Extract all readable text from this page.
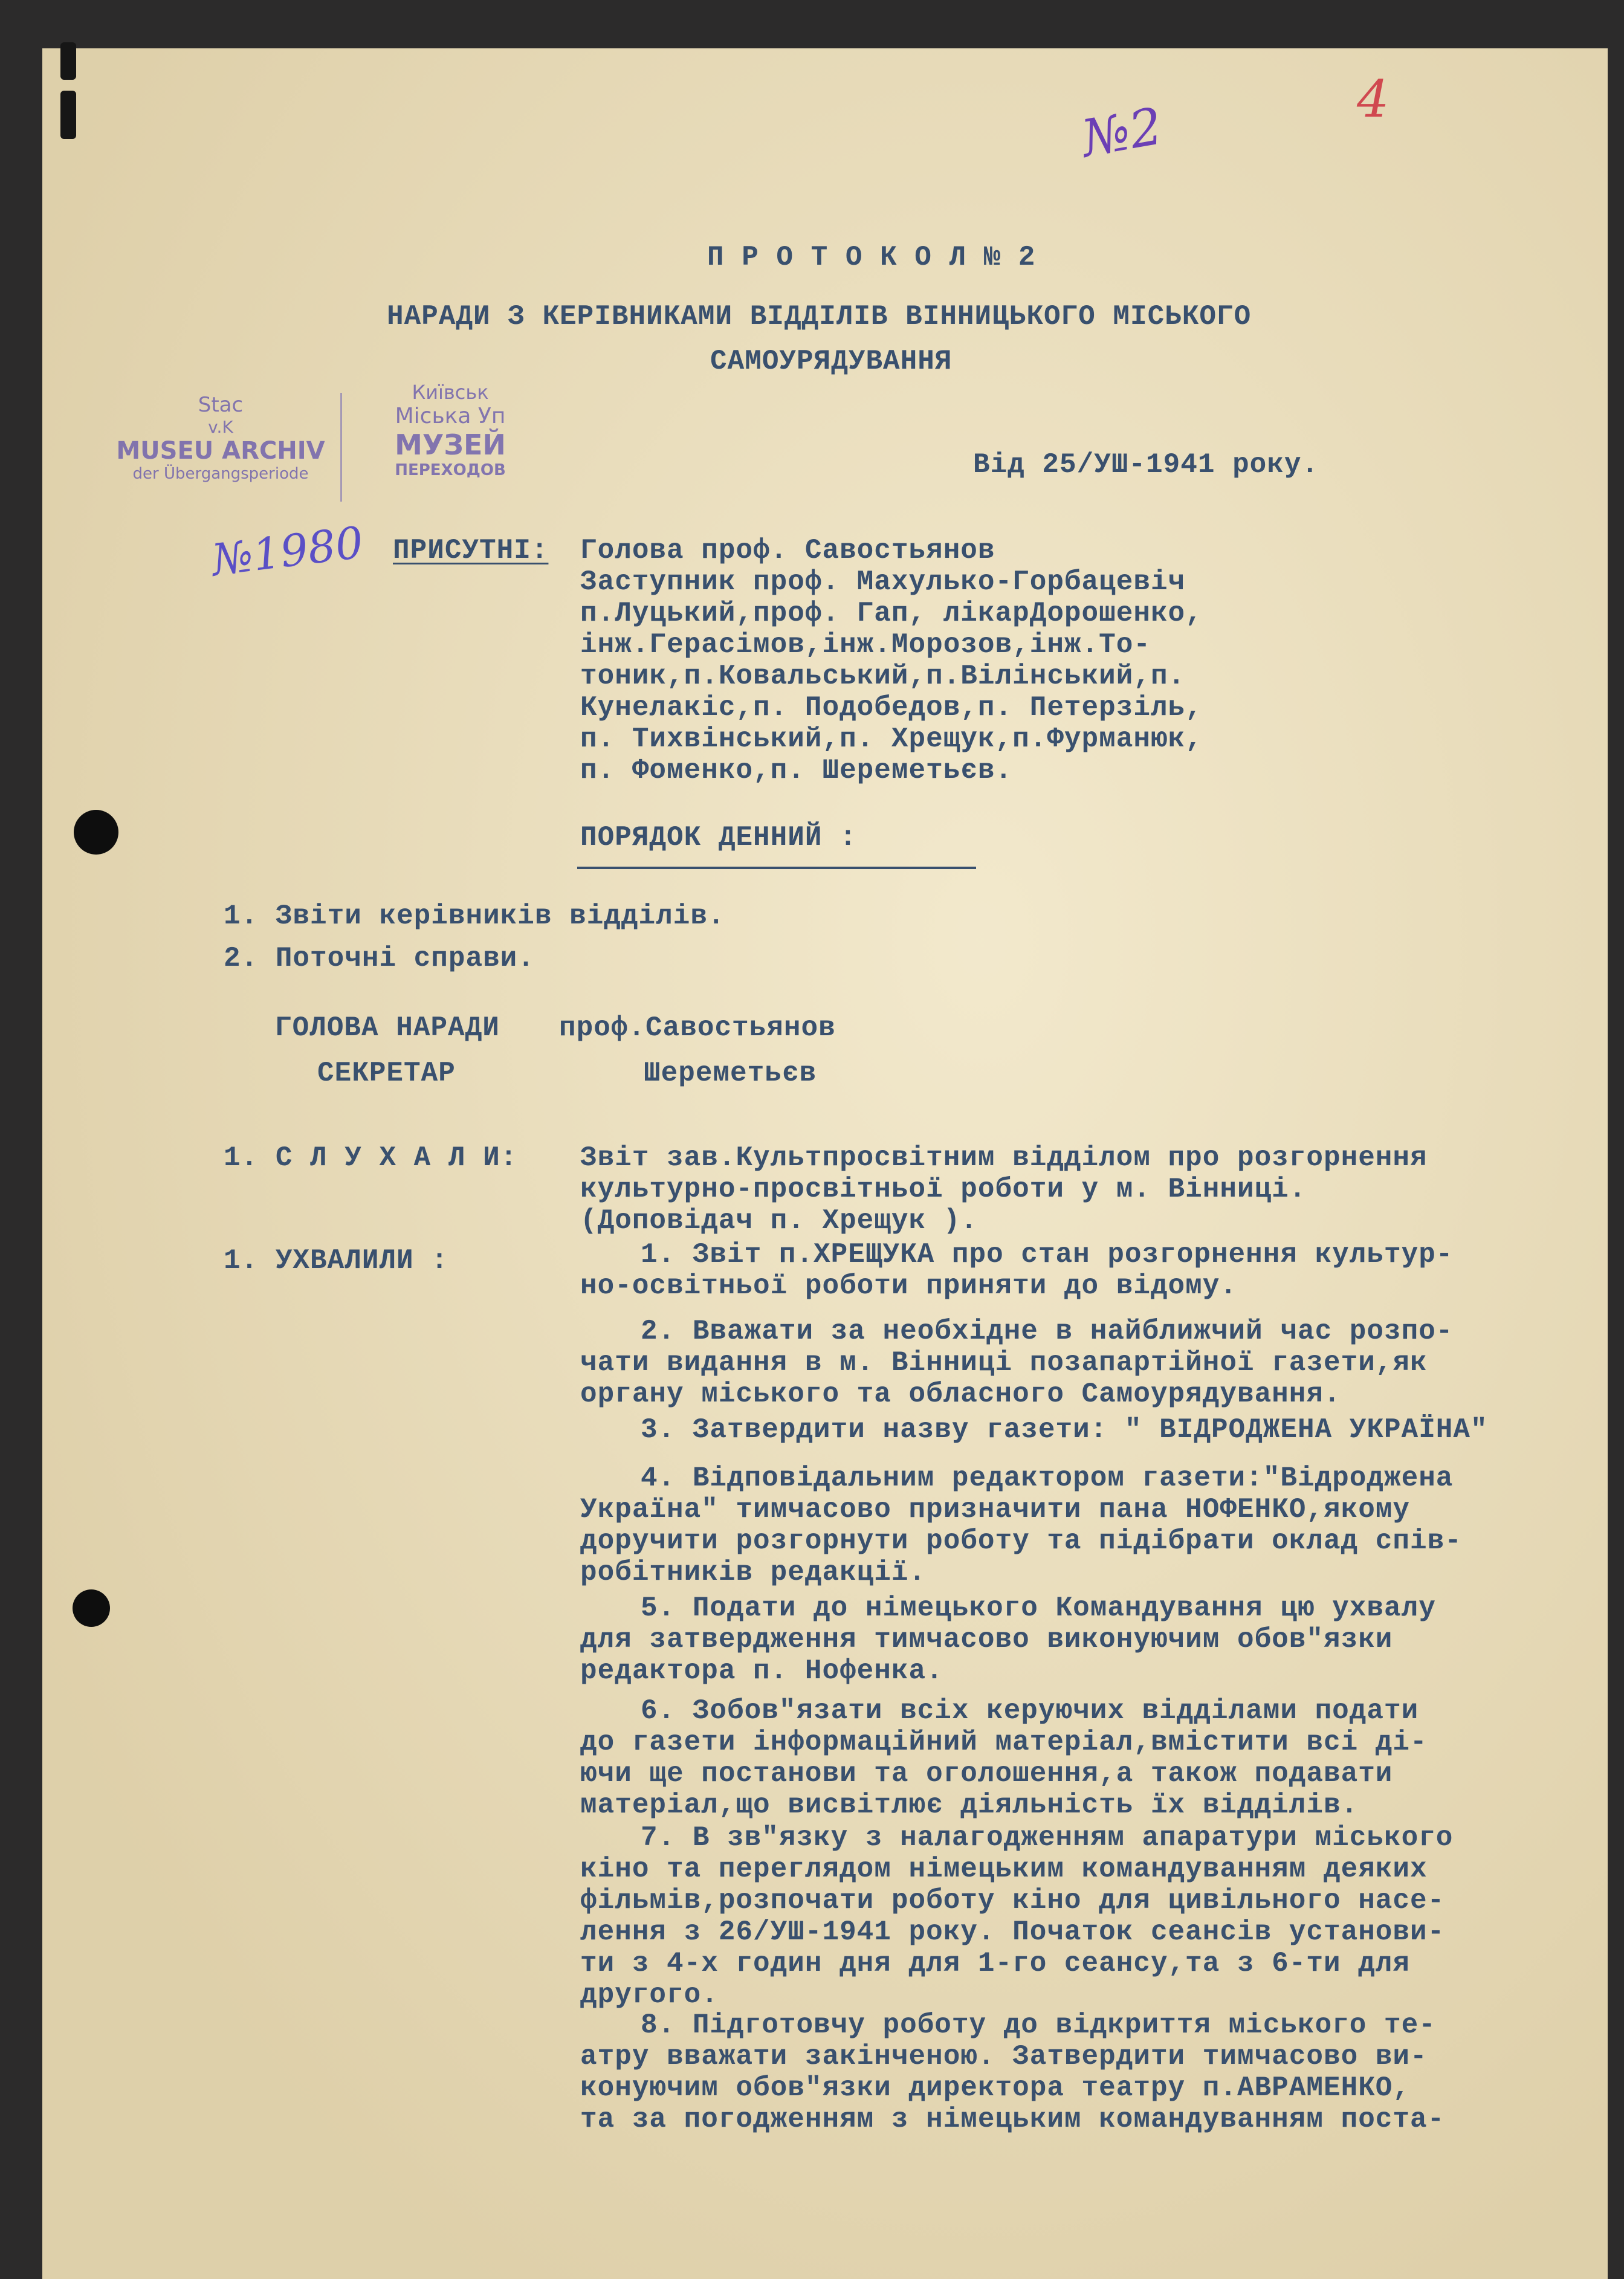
4
№2
№1980
Stac
v.K
MUSEU ARCHIV
der Übergangsperiode
Київськ
Міська Уп
МУЗЕЙ
ПЕРЕХОДОВ
П Р О Т О К О Л № 2
НАРАДИ З КЕРІВНИКАМИ ВІДДІЛІВ ВІННИЦЬКОГО МІСЬКОГО
САМОУРЯДУВАННЯ
Від 25/УШ-1941 року.
ПРИСУТНІ: Голова проф. Савостьянов
Заступник проф. Махулько-Горбацевіч
п.Луцький,проф. Гап, лікарДорошенко,
інж.Герасімов,інж.Морозов,інж.То-
тоник,п.Ковальський,п.Вілінський,п.
Кунелакіс,п. Подобедов,п. Петерзіль,
п. Тихвінський,п. Хрещук,п.Фурманюк,
п. Фоменко,п. Шереметьєв.
ПОРЯДОК ДЕННИЙ :
1. Звіти керівників відділів.
2. Поточні справи.
ГОЛОВА НАРАДИ проф.Савостьянов
СЕКРЕТАР	Шереметьєв
1. С Л У Х А Л И: Звіт зав.Культпросвітним відділом про розгорнення
культурно-просвітньої роботи у м. Вінниці.
(Доповідач п. Хрещук ).
1. УХВАЛИЛИ :	1. Звіт п.ХРЕЩУКА про стан розгорнення культур-
но-освітньої роботи приняти до відому.
2. Вважати за необхідне в найближчий час розпо-
чати видання в м. Вінниці позапартійної газети,як
органу міського та обласного Самоурядування.
3. Затвердити назву газети: " ВІДРОДЖЕНА УКРАЇНА"
4. Відповідальним редактором газети:"Відроджена
Україна" тимчасово призначити пана НОФЕНКО,якому
доручити розгорнути роботу та підібрати оклад спів-
робітників редакції.
5. Подати до німецького Командування цю ухвалу
для затвердження тимчасово виконуючим обов"язки
редактора п. Нофенка.
6. Зобов"язати всіх керуючих відділами подати
до газети інформаційний матеріал,вмістити всі ді-
ючи ще постанови та оголошення,а також подавати
матеріал,що висвітлює діяльність їх відділів.
7. В зв"язку з налагодженням апаратури міського
кіно та переглядом німецьким командуванням деяких
фільмів,розпочати роботу кіно для цивільного насе-
лення з 26/УШ-1941 року. Початок сеансів установи-
ти з 4-х годин дня для 1-го сеансу,та з 6-ти для
другого.
8. Підготовчу роботу до відкриття міського те-
атру вважати закінченою. Затвердити тимчасово ви-
конуючим обов"язки директора театру п.АВРАМЕНКО,
та за погодженням з німецьким командуванням поста-
